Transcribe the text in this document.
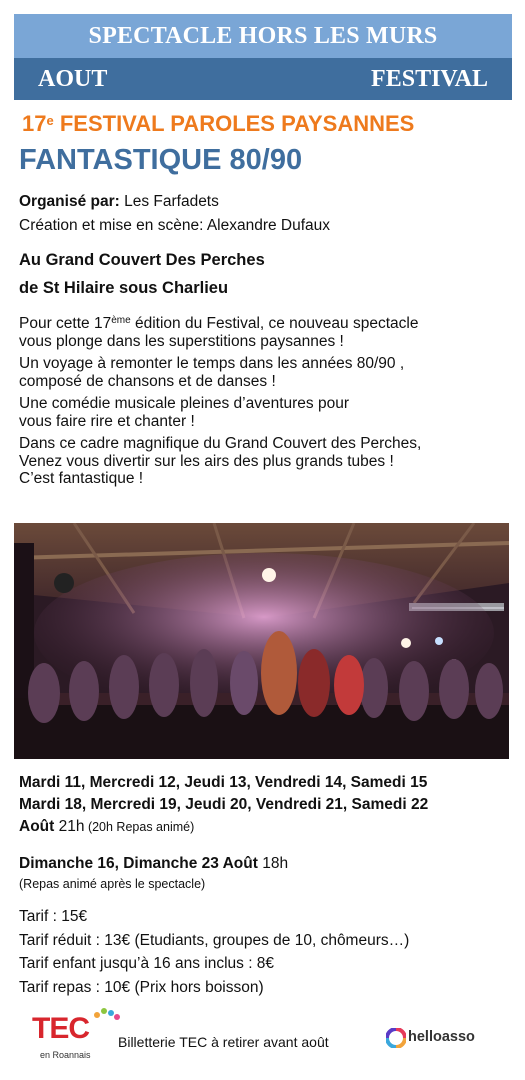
SPECTACLE HORS LES MURS
AOUT	FESTIVAL
17e FESTIVAL PAROLES PAYSANNES
FANTASTIQUE 80/90
Organisé par: Les Farfadets
Création et mise en scène: Alexandre Dufaux
Au Grand Couvert Des Perches
de St Hilaire sous Charlieu

Pour cette 17ème édition du Festival, ce nouveau spectacle
vous plonge dans les superstitions paysannes !

Un voyage à remonter le temps dans les années 80/90 ,
composé de chansons et de danses !

Une comédie musicale pleines d’aventures pour
vous faire rire et chanter !

Dans ce cadre magnifique du Grand Couvert des Perches,
Venez vous divertir sur les airs des plus grands tubes !
C’est fantastique !

Mardi 11, Mercredi 12, Jeudi 13, Vendredi 14, Samedi 15
Mardi 18, Mercredi 19, Jeudi 20, Vendredi 21, Samedi 22
Août 21h (20h Repas animé)
Dimanche 16, Dimanche 23 Août 18h
(Repas animé après le spectacle)
Tarif : 15€
Tarif réduit : 13€ (Etudiants, groupes de 10, chômeurs…)
Tarif enfant jusqu’à 16 ans inclus : 8€
Tarif repas : 10€ (Prix hors boisson)
TEC
en Roannais
Billetterie TEC à retirer avant août	helloasso
